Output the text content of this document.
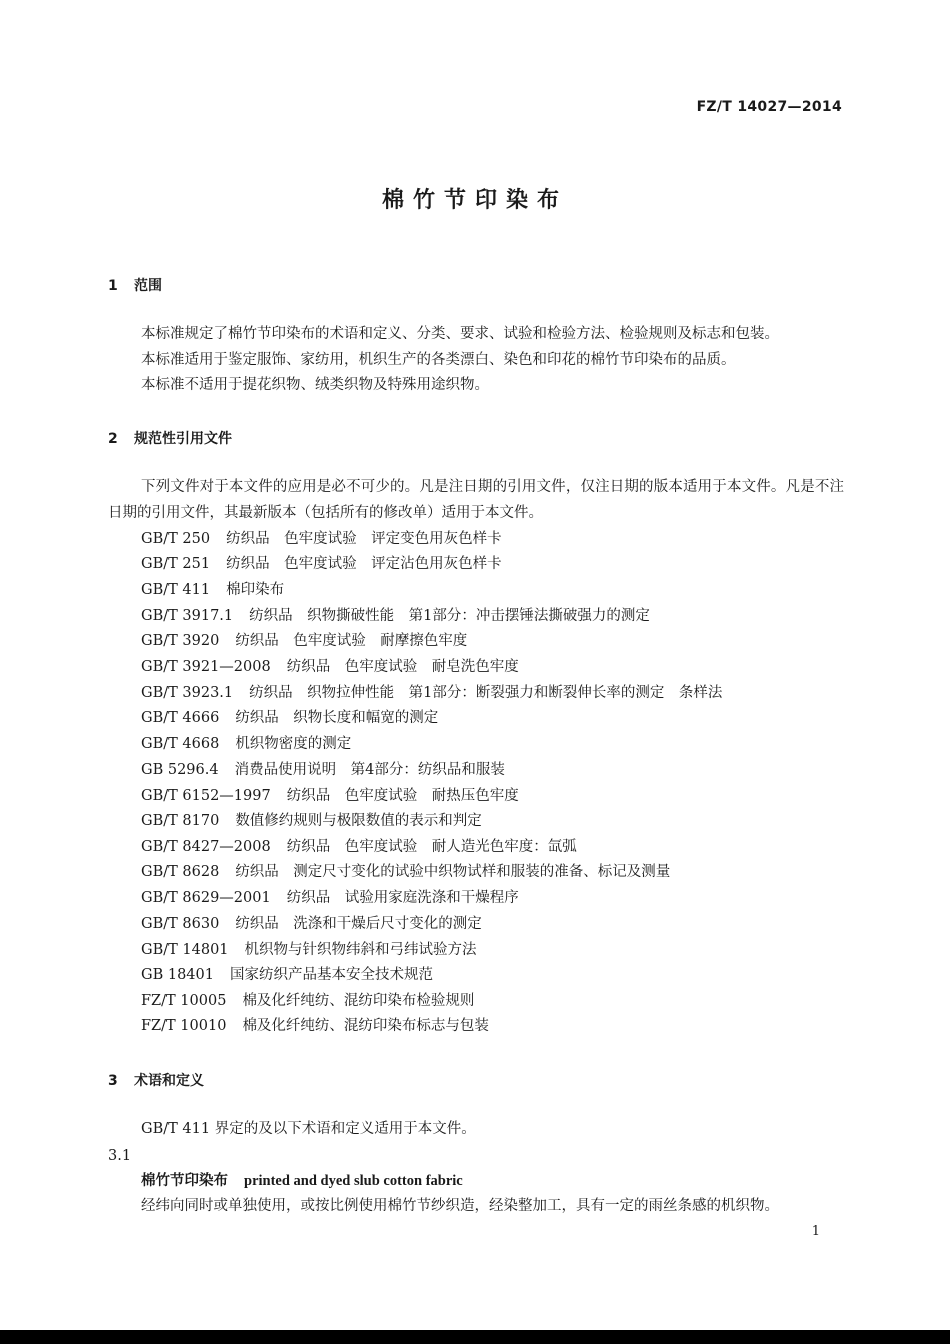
FZ/T 14027—2014
棉竹节印染布
1 范围
本标准规定了棉竹节印染布的术语和定义、分类、要求、试验和检验方法、检验规则及标志和包装。
本标准适用于鉴定服饰、家纺用，机织生产的各类漂白、染色和印花的棉竹节印染布的品质。
本标准不适用于提花织物、绒类织物及特殊用途织物。
2 规范性引用文件
下列文件对于本文件的应用是必不可少的。凡是注日期的引用文件，仅注日期的版本适用于本文件。凡是不注日期的引用文件，其最新版本（包括所有的修改单）适用于本文件。
GB/T 250 纺织品　色牢度试验　评定变色用灰色样卡
GB/T 251 纺织品　色牢度试验　评定沾色用灰色样卡
GB/T 411 棉印染布
GB/T 3917.1 纺织品　织物撕破性能　第1部分：冲击摆锤法撕破强力的测定
GB/T 3920 纺织品　色牢度试验　耐摩擦色牢度
GB/T 3921—2008 纺织品　色牢度试验　耐皂洗色牢度
GB/T 3923.1 纺织品　织物拉伸性能　第1部分：断裂强力和断裂伸长率的测定　条样法
GB/T 4666 纺织品　织物长度和幅宽的测定
GB/T 4668 机织物密度的测定
GB 5296.4 消费品使用说明　第4部分：纺织品和服装
GB/T 6152—1997 纺织品　色牢度试验　耐热压色牢度
GB/T 8170 数值修约规则与极限数值的表示和判定
GB/T 8427—2008 纺织品　色牢度试验　耐人造光色牢度：氙弧
GB/T 8628 纺织品　测定尺寸变化的试验中织物试样和服装的准备、标记及测量
GB/T 8629—2001 纺织品　试验用家庭洗涤和干燥程序
GB/T 8630 纺织品　洗涤和干燥后尺寸变化的测定
GB/T 14801 机织物与针织物纬斜和弓纬试验方法
GB 18401 国家纺织产品基本安全技术规范
FZ/T 10005 棉及化纤纯纺、混纺印染布检验规则
FZ/T 10010 棉及化纤纯纺、混纺印染布标志与包装
3 术语和定义
GB/T 411 界定的及以下术语和定义适用于本文件。
3.1
棉竹节印染布 printed and dyed slub cotton fabric
经纬向同时或单独使用，或按比例使用棉竹节纱织造，经染整加工，具有一定的雨丝条感的机织物。
1
